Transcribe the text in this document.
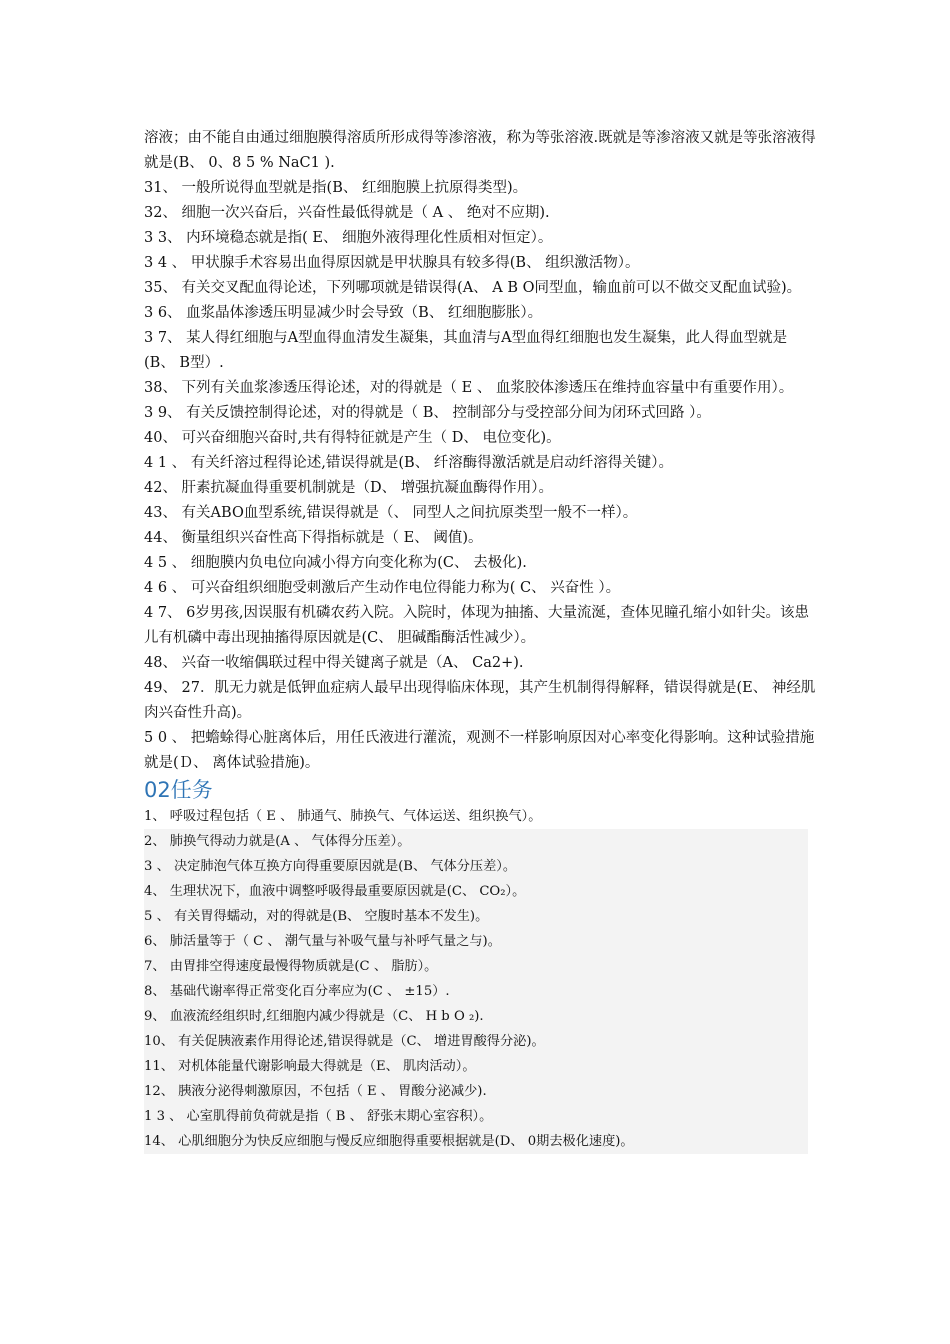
溶液；由不能自由通过细胞膜得溶质所形成得等渗溶液，称为等张溶液.既就是等渗溶液又就是等张溶液得就是(B、 0、8 5 % NaC1 ).

31、 一般所说得血型就是指(B、 红细胞膜上抗原得类型)。

32、 细胞一次兴奋后，兴奋性最低得就是（ A 、 绝对不应期).

3 3、 内环境稳态就是指( E、 细胞外液得理化性质相对恒定）。

3 4 、 甲状腺手术容易出血得原因就是甲状腺具有较多得(B、 组织激活物）。

35、 有关交叉配血得论述，下列哪项就是错误得(A、 A B O同型血，输血前可以不做交叉配血试验)。

3 6、 血浆晶体渗透压明显减少时会导致（B、 红细胞膨胀）。

3 7、 某人得红细胞与A型血得血清发生凝集，其血清与A型血得红细胞也发生凝集，此人得血型就是(B、 B型）.

38、 下列有关血浆渗透压得论述，对的得就是（ E 、 血浆胶体渗透压在维持血容量中有重要作用）。

3 9、 有关反馈控制得论述，对的得就是（ B、 控制部分与受控部分间为闭环式回路 ）。

40、 可兴奋细胞兴奋时,共有得特征就是产生（ D、 电位变化)。

4 1 、 有关纤溶过程得论述,错误得就是(B、 纤溶酶得激活就是启动纤溶得关键）。

42、 肝素抗凝血得重要机制就是（D、 增强抗凝血酶得作用）。

43、 有关ABO血型系统,错误得就是（、 同型人之间抗原类型一般不一样）。

44、 衡量组织兴奋性高下得指标就是（ E、 阈值)。

4 5 、 细胞膜内负电位向减小得方向变化称为(C、 去极化).

4 6 、 可兴奋组织细胞受刺激后产生动作电位得能力称为( C、 兴奋性 ）。

4 7、 6岁男孩,因误服有机磷农药入院。入院时，体现为抽搐、大量流涎，查体见瞳孔缩小如针尖。该患儿有机磷中毒出现抽搐得原因就是(C、 胆碱酯酶活性减少）。

48、 兴奋一收缩偶联过程中得关键离子就是（A、 Ca2+).

49、 27．肌无力就是低钾血症病人最早出现得临床体现，其产生机制得得解释，错误得就是(E、 神经肌肉兴奋性升高)。

5 0 、 把蟾蜍得心脏离体后，用任氏液进行灌流，观测不一样影响原因对心率变化得影响。这种试验措施就是(Ｄ、 离体试验措施)。

02任务
1、 呼吸过程包括（ E 、 肺通气、肺换气、气体运送、组织换气）。
2、 肺换气得动力就是(A 、 气体得分压差）。
3 、 决定肺泡气体互换方向得重要原因就是(B、 气体分压差）。
4、 生理状况下，血液中调整呼吸得最重要原因就是(C、 CO₂）。
5 、 有关胃得蠕动，对的得就是(B、 空腹时基本不发生)。
6、 肺活量等于（ C 、 潮气量与补吸气量与补呼气量之与)。
7、 由胃排空得速度最慢得物质就是(C 、 脂肪）。
8、 基础代谢率得正常变化百分率应为(C 、 ±15）.
9、 血液流经组织时,红细胞内减少得就是（C、 H b O ₂).
10、 有关促胰液素作用得论述,错误得就是（C、 增进胃酸得分泌)。
11、 对机体能量代谢影响最大得就是（E、 肌肉活动）。
12、 胰液分泌得刺激原因，不包括（ E 、 胃酸分泌减少).
1 3 、 心室肌得前负荷就是指（ B 、 舒张末期心室容积）。
14、 心肌细胞分为快反应细胞与慢反应细胞得重要根据就是(D、 0期去极化速度)。
